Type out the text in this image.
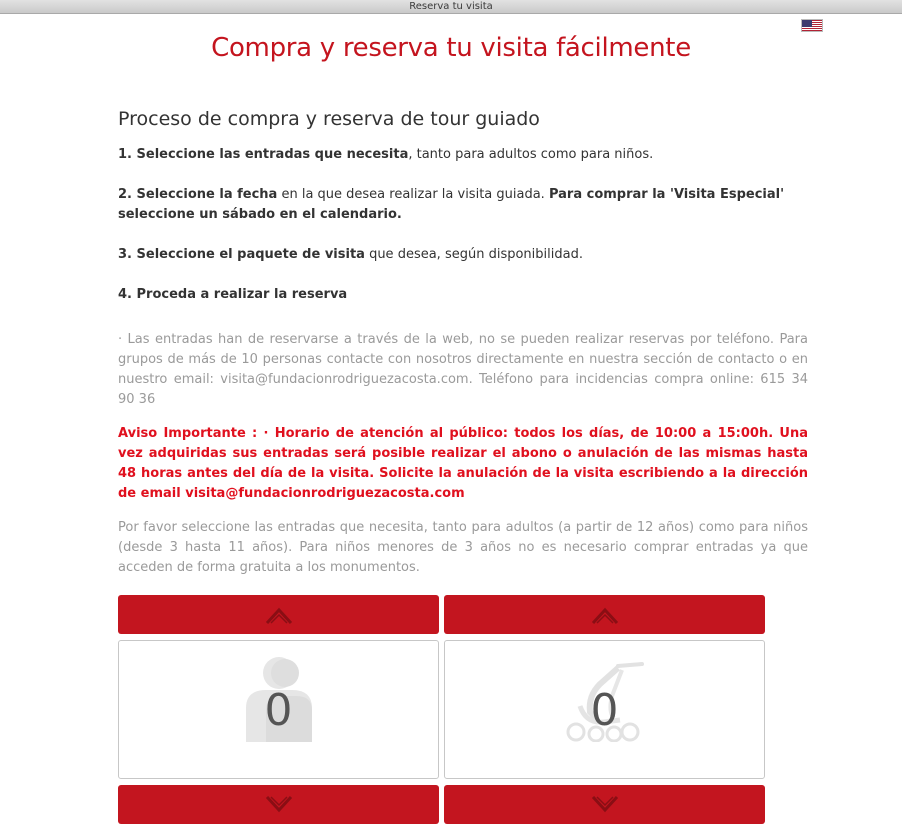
Reserva tu visita
Compra y reserva tu visita fácilmente
Proceso de compra y reserva de tour guiado

1. Seleccione las entradas que necesita, tanto para adultos como para niños.

2. Seleccione la fecha en la que desea realizar la visita guiada. Para comprar la 'Visita Especial' seleccione un sábado en el calendario.

3. Seleccione el paquete de visita que desea, según disponibilidad.

4. Proceda a realizar la reserva

· Las entradas han de reservarse a través de la web, no se pueden realizar reservas por teléfono. Para grupos de más de 10 personas contacte con nosotros directamente en nuestra sección de contacto o en nuestro email: visita@fundacionrodriguezacosta.com. Teléfono para incidencias compra online: 615 34 90 36

Aviso Importante : · Horario de atención al público: todos los días, de 10:00 a 15:00h. Una vez adquiridas sus entradas será posible realizar el abono o anulación de las mismas hasta 48 horas antes del día de la visita. Solicite la anulación de la visita escribiendo a la dirección de email visita@fundacionrodriguezacosta.com

Por favor seleccione las entradas que necesita, tanto para adultos (a partir de 12 años) como para niños (desde 3 hasta 11 años). Para niños menores de 3 años no es necesario comprar entradas ya que acceden de forma gratuita a los monumentos.

0	0
